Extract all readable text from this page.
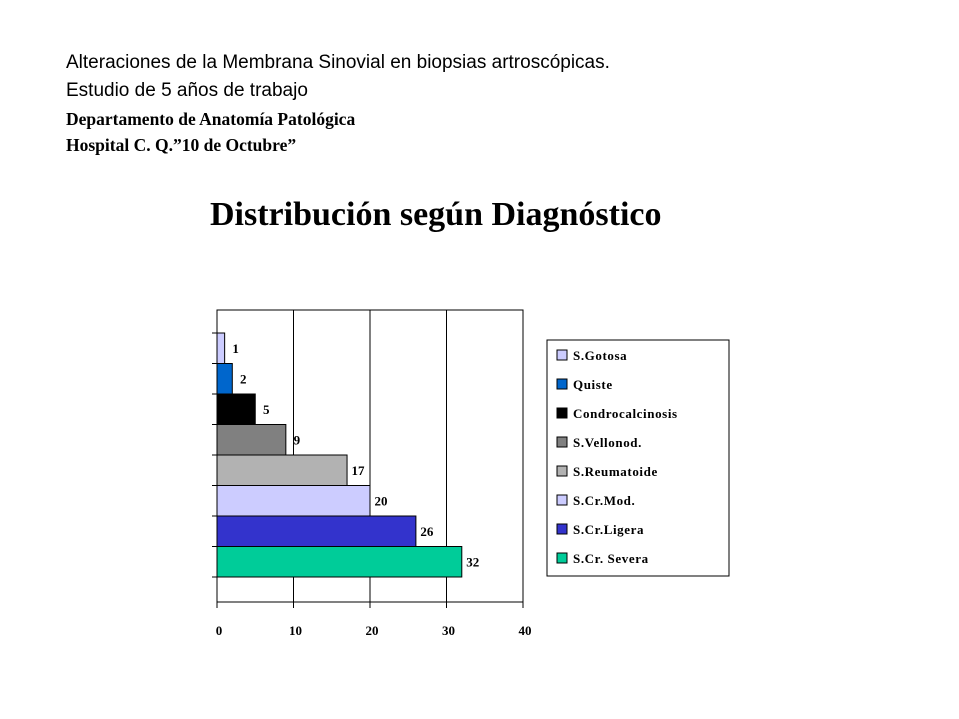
Alteraciones de la Membrana Sinovial en biopsias artroscópicas.

Estudio de 5 años de trabajo

Departamento de Anatomía Patológica

Hospital C. Q.”10 de Octubre”

Distribución según Diagnóstico
1
2
5
9
17
20
26
32
0	10	20	30	40
S.Gotosa
Quiste
Condrocalcinosis
S.Vellonod.
S.Reumatoide
S.Cr.Mod.
S.Cr.Ligera
S.Cr. Severa
